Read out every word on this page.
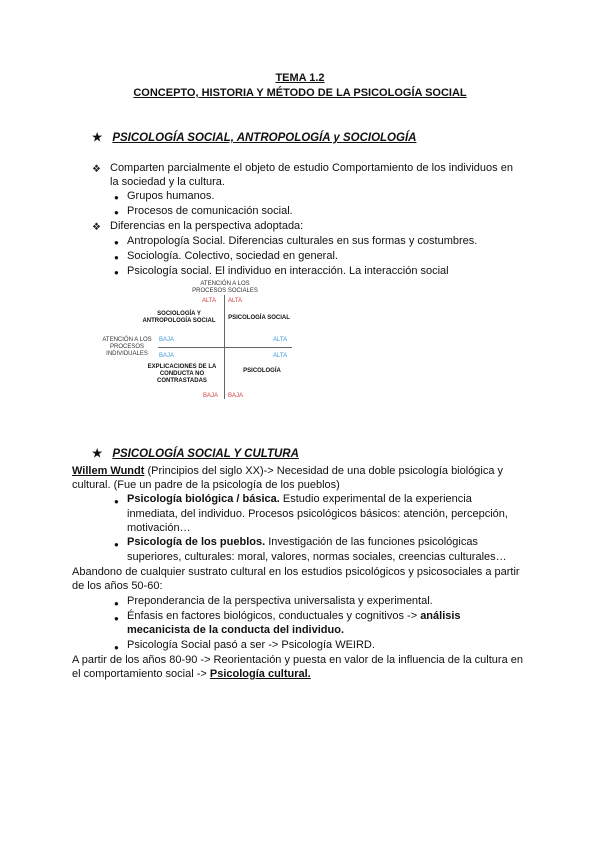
TEMA 1.2
CONCEPTO, HISTORIA Y MÉTODO DE LA PSICOLOGÍA SOCIAL
★ PSICOLOGÍA SOCIAL, ANTROPOLOGÍA y SOCIOLOGÍA
❖ Comparten parcialmente el objeto de estudio Comportamiento de los individuos en
la sociedad y la cultura.
● Grupos humanos.
● Procesos de comunicación social.
❖ Diferencias en la perspectiva adoptada:
● Antropología Social. Diferencias culturales en sus formas y costumbres.
● Sociología. Colectivo, sociedad en general.
● Psicología social. El individuo en interacción. La interacción social
ATENCIÓN A LOS
PROCESOS SOCIALES
ALTA ALTA
SOCIOLOGÍA Y
ANTROPOLOGÍA SOCIAL	PSICOLOGÍA SOCIAL
ATENCIÓN A LOS
PROCESOS
INDIVIDUALES
BAJA	ALTA
BAJA	ALTA
EXPLICACIONES DE LA
CONDUCTA NO
CONTRASTADAS
PSICOLOGÍA
BAJA BAJA
★ PSICOLOGÍA SOCIAL Y CULTURA
Willem Wundt (Principios del siglo XX)-> Necesidad de una doble psicología biológica y
cultural. (Fue un padre de la psicología de los pueblos)
● Psicología biológica / básica. Estudio experimental de la experiencia
inmediata, del individuo. Procesos psicológicos básicos: atención, percepción,
motivación…
● Psicología de los pueblos. Investigación de las funciones psicológicas
superiores, culturales: moral, valores, normas sociales, creencias culturales…
Abandono de cualquier sustrato cultural en los estudios psicológicos y psicosociales a partir
de los años 50-60:
● Preponderancia de la perspectiva universalista y experimental.
● Énfasis en factores biológicos, conductuales y cognitivos -> análisis
mecanicista de la conducta del individuo.
● Psicología Social pasó a ser -> Psicología WEIRD.
A partir de los años 80-90 -> Reorientación y puesta en valor de la influencia de la cultura en
el comportamiento social -> Psicología cultural.
